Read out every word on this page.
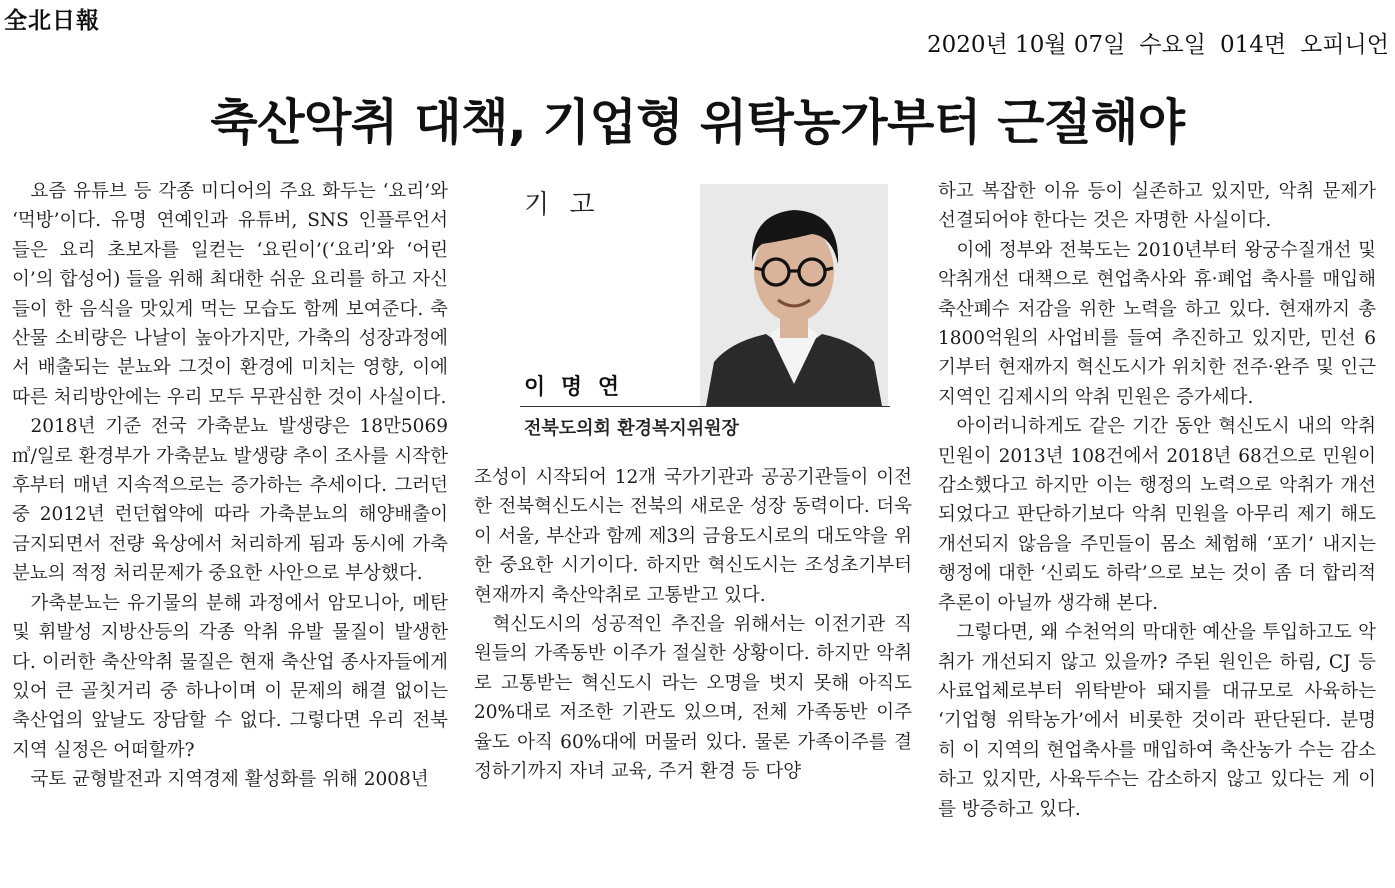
全北日報
2020년 10월 07일 수요일 014면 오피니언
축산악취 대책, 기업형 위탁농가부터 근절해야

요즘 유튜브 등 각종 미디어의 주요 화두는 ‘요리’와 ‘먹방’이다. 유명 연예인과 유튜버, SNS 인플루언서 들은 요리 초보자를 일컫는 ‘요린이’(‘요리’와 ‘어린이’의 합성어) 들을 위해 최대한 쉬운 요리를 하고 자신들이 한 음식을 맛있게 먹는 모습도 함께 보여준다. 축산물 소비량은 나날이 높아가지만, 가축의 성장과정에서 배출되는 분뇨와 그것이 환경에 미치는 영향, 이에 따른 처리방안에는 우리 모두 무관심한 것이 사실이다.

2018년 기준 전국 가축분뇨 발생량은 18만5069㎥/일로 환경부가 가축분뇨 발생량 추이 조사를 시작한 후부터 매년 지속적으로는 증가하는 추세이다. 그러던 중 2012년 런던협약에 따라 가축분뇨의 해양배출이 금지되면서 전량 육상에서 처리하게 됨과 동시에 가축분뇨의 적정 처리문제가 중요한 사안으로 부상했다.

가축분뇨는 유기물의 분해 과정에서 암모니아, 메탄 및 휘발성 지방산등의 각종 악취 유발 물질이 발생한다. 이러한 축산악취 물질은 현재 축산업 종사자들에게 있어 큰 골칫거리 중 하나이며 이 문제의 해결 없이는 축산업의 앞날도 장담할 수 없다. 그렇다면 우리 전북지역 실정은 어떠할까?

국토 균형발전과 지역경제 활성화를 위해 2008년

기 고
이 명 연
전북도의회 환경복지위원장

조성이 시작되어 12개 국가기관과 공공기관들이 이전한 전북혁신도시는 전북의 새로운 성장 동력이다. 더욱이 서울, 부산과 함께 제3의 금융도시로의 대도약을 위한 중요한 시기이다. 하지만 혁신도시는 조성초기부터 현재까지 축산악취로 고통받고 있다.

혁신도시의 성공적인 추진을 위해서는 이전기관 직원들의 가족동반 이주가 절실한 상황이다. 하지만 악취로 고통받는 혁신도시 라는 오명을 벗지 못해 아직도 20%대로 저조한 기관도 있으며, 전체 가족동반 이주율도 아직 60%대에 머물러 있다. 물론 가족이주를 결정하기까지 자녀 교육, 주거 환경 등 다양

하고 복잡한 이유 등이 실존하고 있지만, 악취 문제가 선결되어야 한다는 것은 자명한 사실이다.

이에 정부와 전북도는 2010년부터 왕궁수질개선 및 악취개선 대책으로 현업축사와 휴·폐업 축사를 매입해 축산폐수 저감을 위한 노력을 하고 있다. 현재까지 총 1800억원의 사업비를 들여 추진하고 있지만, 민선 6기부터 현재까지 혁신도시가 위치한 전주·완주 및 인근 지역인 김제시의 악취 민원은 증가세다.

아이러니하게도 같은 기간 동안 혁신도시 내의 악취 민원이 2013년 108건에서 2018년 68건으로 민원이 감소했다고 하지만 이는 행정의 노력으로 악취가 개선되었다고 판단하기보다 악취 민원을 아무리 제기 해도 개선되지 않음을 주민들이 몸소 체험해 ‘포기’ 내지는 행정에 대한 ‘신뢰도 하락’으로 보는 것이 좀 더 합리적 추론이 아닐까 생각해 본다.

그렇다면, 왜 수천억의 막대한 예산을 투입하고도 악취가 개선되지 않고 있을까? 주된 원인은 하림, CJ 등 사료업체로부터 위탁받아 돼지를 대규모로 사육하는 ‘기업형 위탁농가’에서 비롯한 것이라 판단된다. 분명히 이 지역의 현업축사를 매입하여 축산농가 수는 감소하고 있지만, 사육두수는 감소하지 않고 있다는 게 이를 방증하고 있다.
